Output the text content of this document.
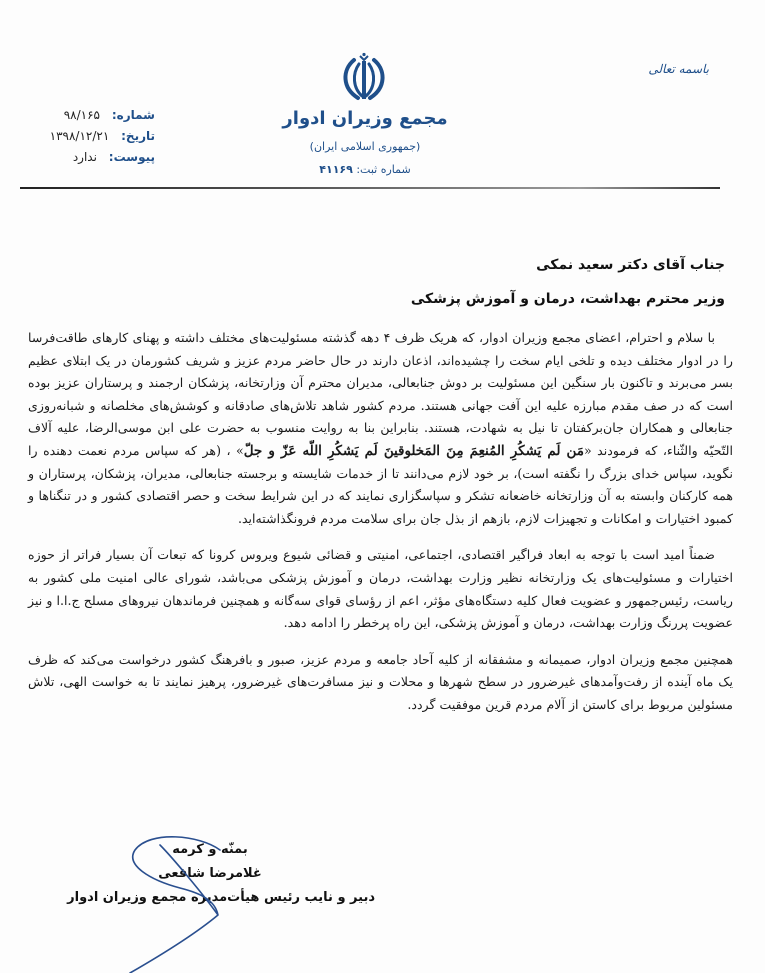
باسمه تعالی
مجمع وزیران ادوار
(جمهوری اسلامی ایران)
شماره ثبت: ۴۱۱۶۹
شماره: ۹۸/۱۶۵
تاریخ: ۱۳۹۸/۱۲/۲۱
پیوست: ندارد
جناب آقای دکتر سعید نمکی
وزیر محترم بهداشت، درمان و آموزش پزشکی

با سلام و احترام، اعضای مجمع وزیران ادوار، که هریک ظرف ۴ دهه گذشته مسئولیت‌های مختلف داشته و پهنای کارهای طاقت‌فرسا را در ادوار مختلف دیده و تلخی ایام سخت را چشیده‌اند، اذعان دارند در حال حاضر مردم عزیز و شریف کشورمان در یک ابتلای عظیم بسر می‌برند و تاکنون بار سنگین این مسئولیت بر دوش جنابعالی، مدیران محترم آن وزارتخانه، پزشکان ارجمند و پرستاران عزیز بوده است که در صف مقدم مبارزه علیه این آفت جهانی هستند. مردم کشور شاهد تلاش‌های صادقانه و کوشش‌های مخلصانه و شبانه‌روزی جنابعالی و همکاران جان‌برکفتان تا نیل به شهادت، هستند. بنابراین بنا به روایت منسوب به حضرت علی ابن موسی‌الرضا، علیه آلاف التّحیّه والثّناء، که فرمودند «مَن لَم یَشکُرِ المُنعِمَ مِنَ المَخلوقینَ لَم یَشکُرِ اللّه عَزّ و جلّ» ، (هر که سپاس مردم نعمت دهنده را نگوید، سپاس خدای بزرگ را نگفته است)، بر خود لازم می‌دانند تا از خدمات شایسته و برجسته جنابعالی، مدیران، پزشکان، پرستاران و همه کارکنان وابسته به آن وزارتخانه خاضعانه تشکر و سپاسگزاری نمایند که در این شرایط سخت و حصر اقتصادی کشور و در تنگناها و کمبود اختیارات و امکانات و تجهیزات لازم، بازهم از بذل جان برای سلامت مردم فرونگذاشته‌اید.

ضمناً امید است با توجه به ابعاد فراگیر اقتصادی، اجتماعی، امنیتی و قضائی شیوع ویروس کرونا که تبعات آن بسیار فراتر از حوزه اختیارات و مسئولیت‌های یک وزارتخانه نظیر وزارت بهداشت، درمان و آموزش پزشکی می‌باشد، شورای عالی امنیت ملی کشور به ریاست، رئیس‌جمهور و عضویت فعال کلیه دستگاه‌های مؤثر، اعم از رؤسای قوای سه‌گانه و همچنین فرماندهان نیروهای مسلح ج.ا.ا و نیز عضویت پررنگ وزارت بهداشت، درمان و آموزش پزشکی، این راه پرخطر را ادامه دهد.

همچنین مجمع وزیران ادوار، صمیمانه و مشفقانه از کلیه آحاد جامعه و مردم عزیز، صبور و بافرهنگ کشور درخواست می‌کند که ظرف یک ماه آینده از رفت‌وآمدهای غیرضرور در سطح شهرها و محلات و نیز مسافرت‌های غیرضرور، پرهیز نمایند تا به خواست الهی، تلاش مسئولین مربوط برای کاستن از آلام مردم قرین موفقیت گردد.

بمنّه و کرمه
غلامرضا شافعی
دبیر و نایب رئیس هیأت‌مدیره مجمع وزیران ادوار
